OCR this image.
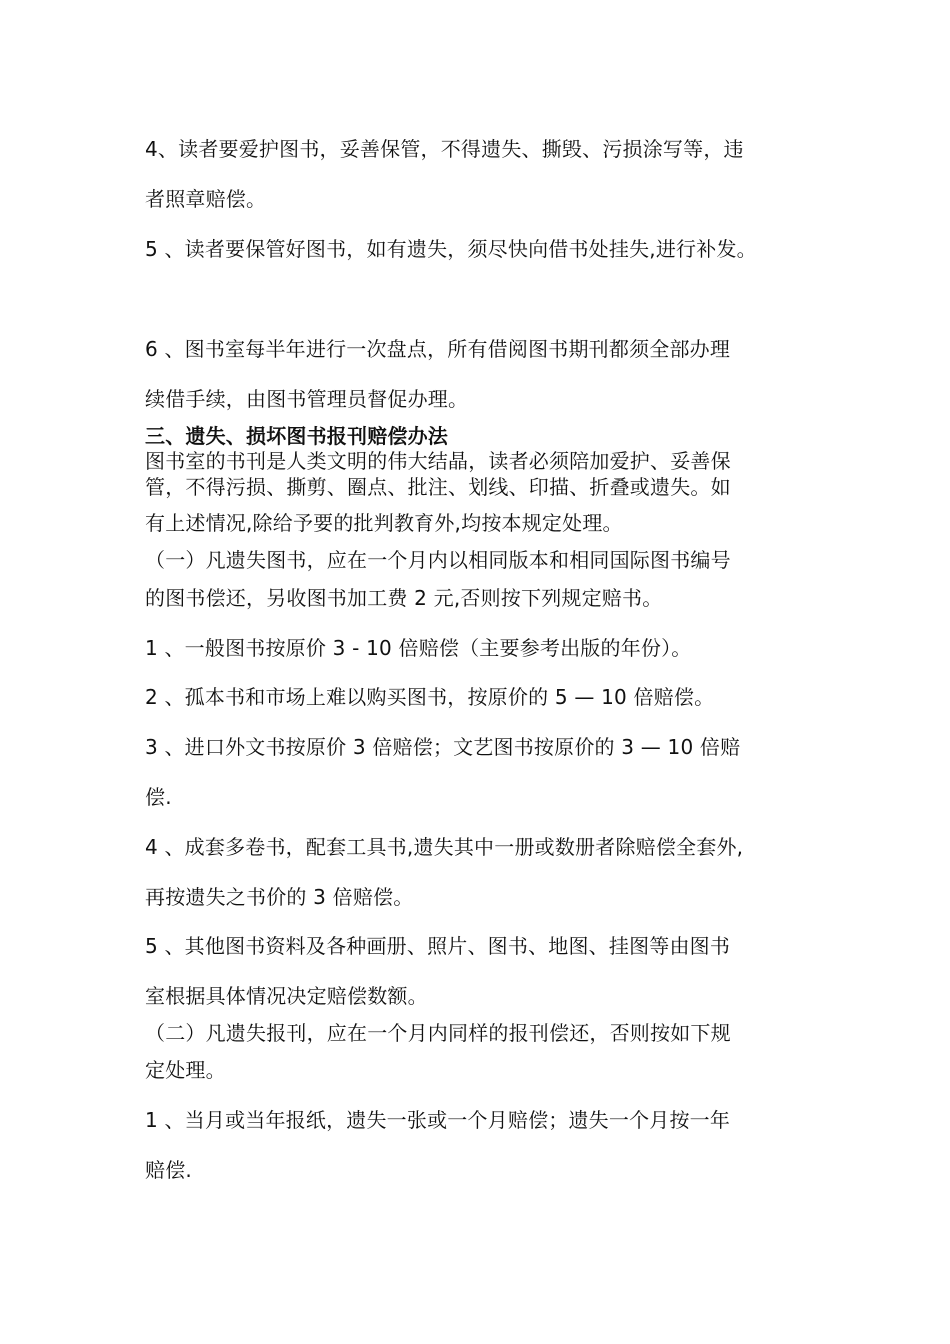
4、读者要爱护图书，妥善保管，不得遗失、撕毁、污损涂写等，违
者照章赔偿。
5 、读者要保管好图书，如有遗失，须尽快向借书处挂失,进行补发。
6 、图书室每半年进行一次盘点，所有借阅图书期刊都须全部办理
续借手续，由图书管理员督促办理。
三、遗失、损坏图书报刊赔偿办法
图书室的书刊是人类文明的伟大结晶，读者必须陪加爱护、妥善保
管，不得污损、撕剪、圈点、批注、划线、印描、折叠或遗失。如
有上述情况,除给予要的批判教育外,均按本规定处理。
（一）凡遗失图书，应在一个月内以相同版本和相同国际图书编号
的图书偿还，另收图书加工费 2 元,否则按下列规定赔书。
1 、一般图书按原价 3 - 10 倍赔偿（主要参考出版的年份）。
2 、孤本书和市场上难以购买图书，按原价的 5 — 10 倍赔偿。
3 、进口外文书按原价 3 倍赔偿；文艺图书按原价的 3 — 10 倍赔
偿.
4 、成套多卷书，配套工具书,遗失其中一册或数册者除赔偿全套外,
再按遗失之书价的 3 倍赔偿。
5 、其他图书资料及各种画册、照片、图书、地图、挂图等由图书
室根据具体情况决定赔偿数额。
（二）凡遗失报刊，应在一个月内同样的报刊偿还，否则按如下规
定处理。
1 、当月或当年报纸，遗失一张或一个月赔偿；遗失一个月按一年
赔偿.
